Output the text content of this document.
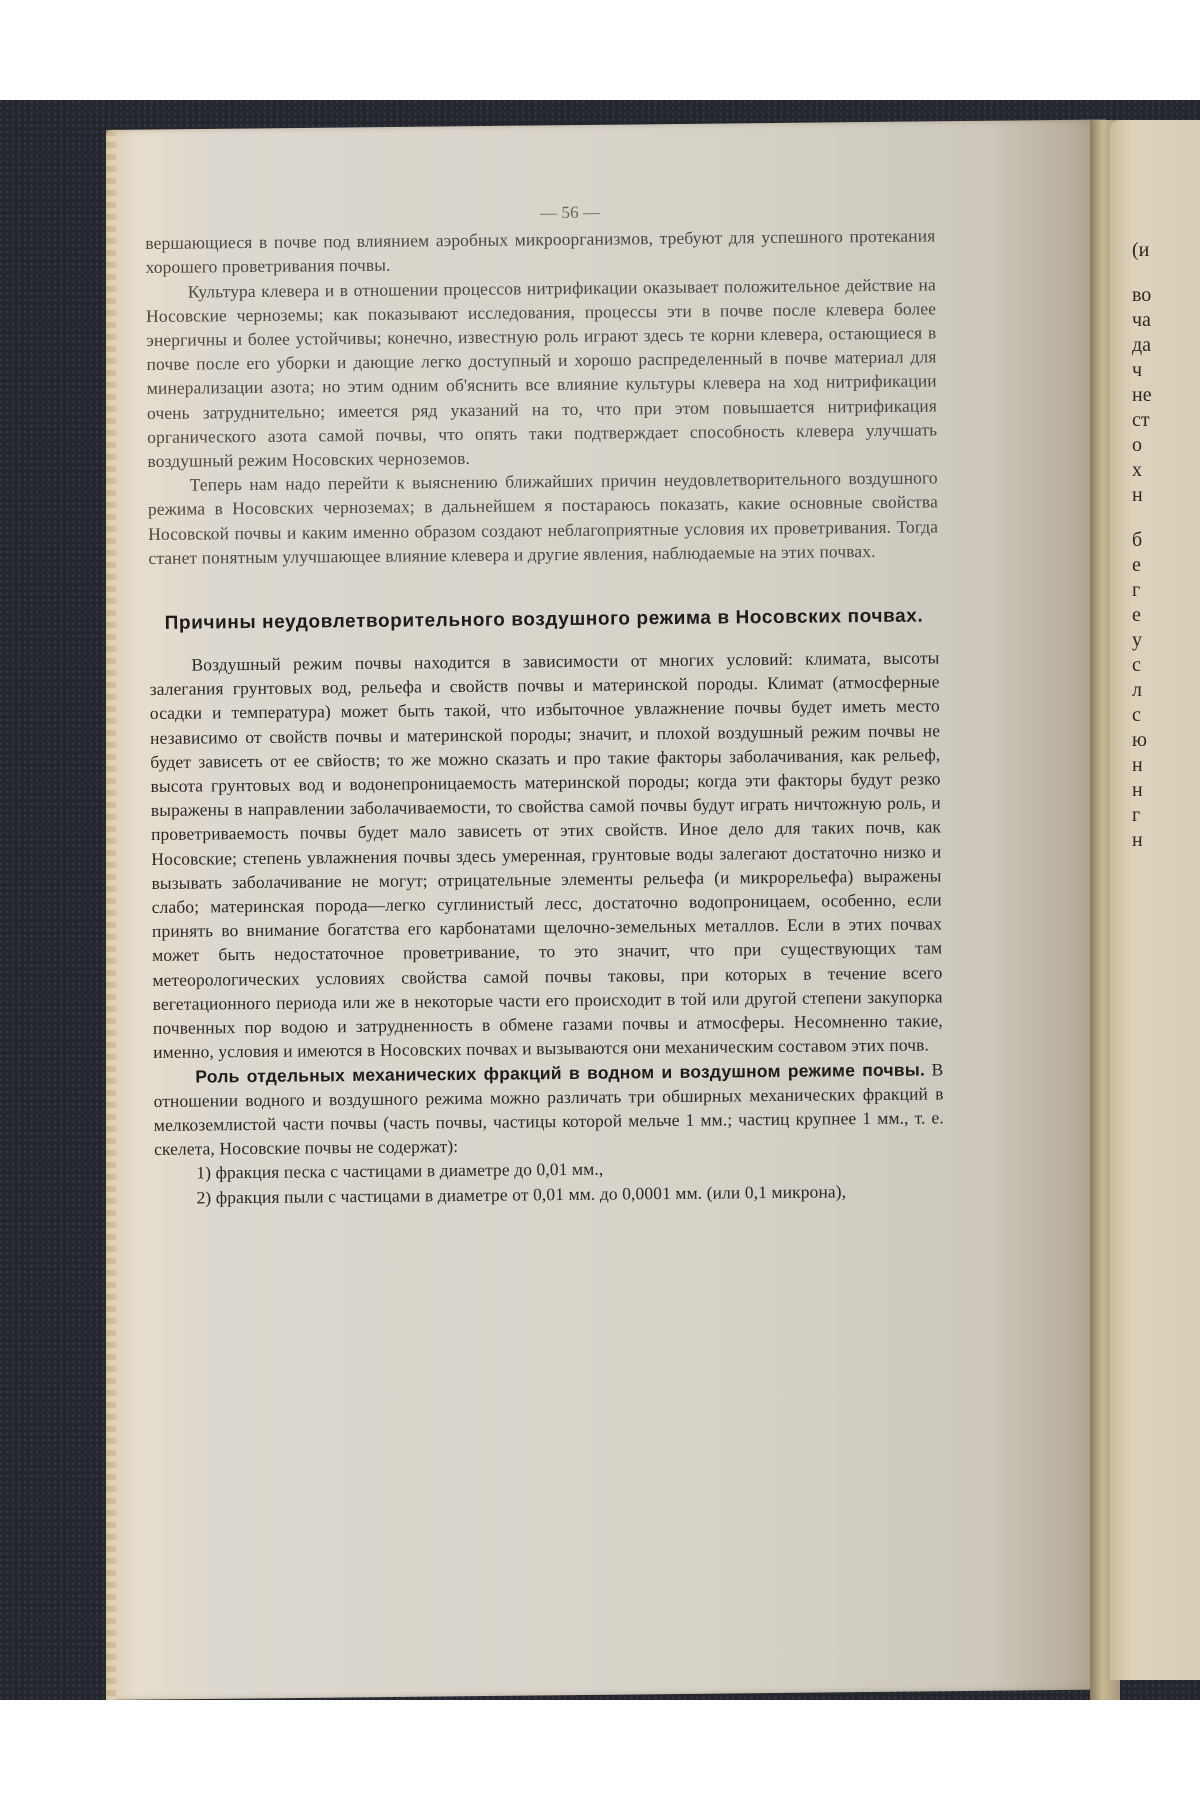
(и
во
ча
да
ч
не
ст
о
х
н
б
е
г
е
у
с
л
с
ю
н
н
г
н
— 56 —

вершающиеся в почве под влиянием аэробных микроорганизмов, требуют для успешного протекания хорошего проветривания почвы.

Культура клевера и в отношении процессов нитрификации оказывает положительное действие на Носовские черноземы; как показывают исследования, процессы эти в почве после клевера более энергичны и более устойчивы; конечно, известную роль играют здесь те корни клевера, остающиеся в почве после его уборки и дающие легко доступный и хорошо распределенный в почве материал для минерализации азота; но этим одним об'яснить все влияние культуры клевера на ход нитрификации очень затруднительно; имеется ряд указаний на то, что при этом повышается нитрификация органического азота самой почвы, что опять таки подтверждает способность клевера улучшать воздушный режим Носовских черноземов.

Теперь нам надо перейти к выяснению ближайших причин неудовлетворительного воздушного режима в Носовских черноземах; в дальнейшем я постараюсь показать, какие основные свойства Носовской почвы и каким именно образом создают неблагоприятные условия их проветривания. Тогда станет понятным улучшающее влияние клевера и другие явления, наблюдаемые на этих почвах.

Причины неудовлетворительного воздушного режима в Носовских почвах.

Воздушный режим почвы находится в зависимости от многих условий: климата, высоты залегания грунтовых вод, рельефа и свойств почвы и материнской породы. Климат (атмосферные осадки и температура) может быть такой, что избыточное увлажнение почвы будет иметь место независимо от свойств почвы и материнской породы; значит, и плохой воздушный режим почвы не будет зависеть от ее свйоств; то же можно сказать и про такие факторы заболачивания, как рельеф, высота грунтовых вод и водонепроницаемость материнской породы; когда эти факторы будут резко выражены в направлении заболачиваемости, то свойства самой почвы будут играть ничтожную роль, и проветриваемость почвы будет мало зависеть от этих свойств. Иное дело для таких почв, как Носовские; степень увлажнения почвы здесь умеренная, грунтовые воды залегают достаточно низко и вызывать заболачивание не могут; отрицательные элементы рельефа (и микрорельефа) выражены слабо; материнская порода—легко суглинистый лесс, достаточно водопроницаем, особенно, если принять во внимание богатства его карбонатами щелочно-земельных металлов. Если в этих почвах может быть недостаточное проветривание, то это значит, что при существующих там метеорологических условиях свойства самой почвы таковы, при которых в течение всего вегетационного периода или же в некоторые части его происходит в той или другой степени закупорка почвенных пор водою и затрудненность в обмене газами почвы и атмосферы. Несомненно такие, именно, условия и имеются в Носовских почвах и вызываются они механическим составом этих почв.

Роль отдельных механических фракций в водном и воздушном режиме почвы. В отношении водного и воздушного режима можно различать три обширных механических фракций в мелкоземлистой части почвы (часть почвы, частицы которой мельче 1 мм.; частиц крупнее 1 мм., т. е. скелета, Носовские почвы не содержат):

1) фракция песка с частицами в диаметре до 0,01 мм.,

2) фракция пыли с частицами в диаметре от 0,01 мм. до 0,0001 мм. (или 0,1 микрона),
